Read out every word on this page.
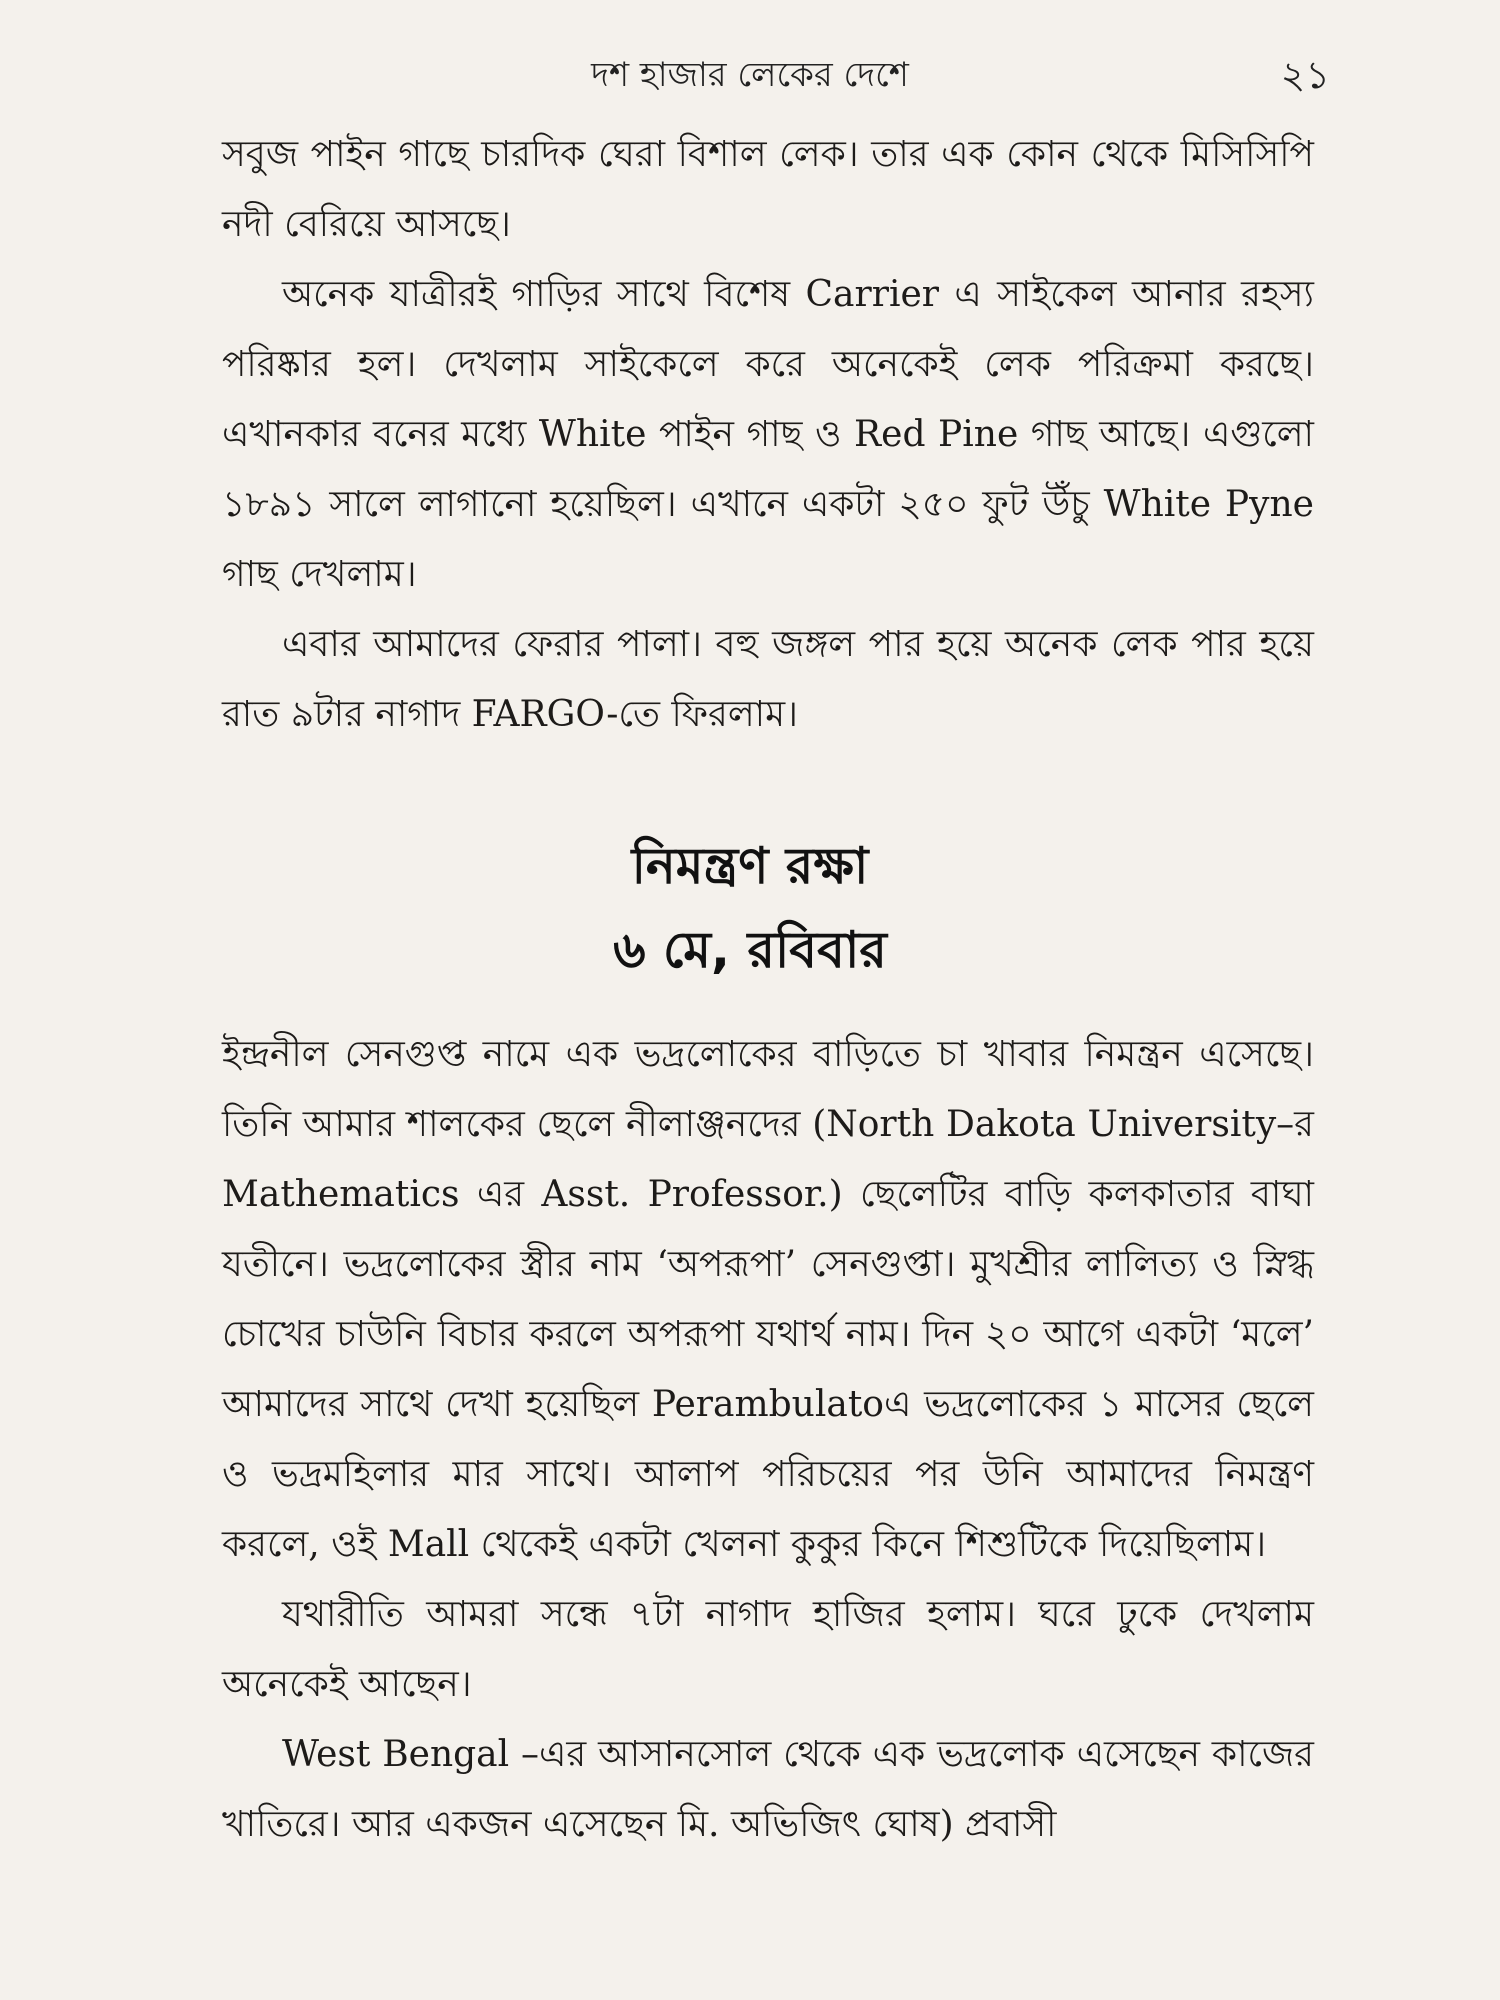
দশ হাজার লেকের দেশে	২১

সবুজ পাইন গাছে চারদিক ঘেরা বিশাল লেক। তার এক কোন থেকে মিসিসিপি নদী বেরিয়ে আসছে।

অনেক যাত্রীরই গাড়ির সাথে বিশেষ Carrier এ সাইকেল আনার রহস্য পরিষ্কার হল। দেখলাম সাইকেলে করে অনেকেই লেক পরিক্রমা করছে। এখানকার বনের মধ্যে White পাইন গাছ ও Red Pine গাছ আছে। এগুলো ১৮৯১ সালে লাগানো হয়েছিল। এখানে একটা ২৫০ ফুট উঁচু White Pyne গাছ দেখলাম।

এবার আমাদের ফেরার পালা। বহু জঙ্গল পার হয়ে অনেক লেক পার হয়ে রাত ৯টার নাগাদ FARGO-তে ফিরলাম।

নিমন্ত্রণ রক্ষা
৬ মে, রবিবার

ইন্দ্রনীল সেনগুপ্ত নামে এক ভদ্রলোকের বাড়িতে চা খাবার নিমন্ত্রন এসেছে। তিনি আমার শালকের ছেলে নীলাঞ্জনদের (North Dakota University–র Mathematics এর Asst. Professor.) ছেলেটির বাড়ি কলকাতার বাঘা যতীনে। ভদ্রলোকের স্ত্রীর নাম ‘অপরূপা’ সেনগুপ্তা। মুখশ্রীর লালিত্য ও স্নিগ্ধ চোখের চাউনি বিচার করলে অপরূপা যথার্থ নাম। দিন ২০ আগে একটা ‘মলে’ আমাদের সাথে দেখা হয়েছিল Perambulatoএ ভদ্রলোকের ১ মাসের ছেলে ও ভদ্রমহিলার মার সাথে। আলাপ পরিচয়ের পর উনি আমাদের নিমন্ত্রণ করলে, ওই Mall থেকেই একটা খেলনা কুকুর কিনে শিশুটিকে দিয়েছিলাম।

যথারীতি আমরা সন্ধে ৭টা নাগাদ হাজির হলাম। ঘরে ঢুকে দেখলাম অনেকেই আছেন।

West Bengal –এর আসানসোল থেকে এক ভদ্রলোক এসেছেন কাজের খাতিরে। আর একজন এসেছেন মি. অভিজিৎ ঘোষ) প্রবাসী
